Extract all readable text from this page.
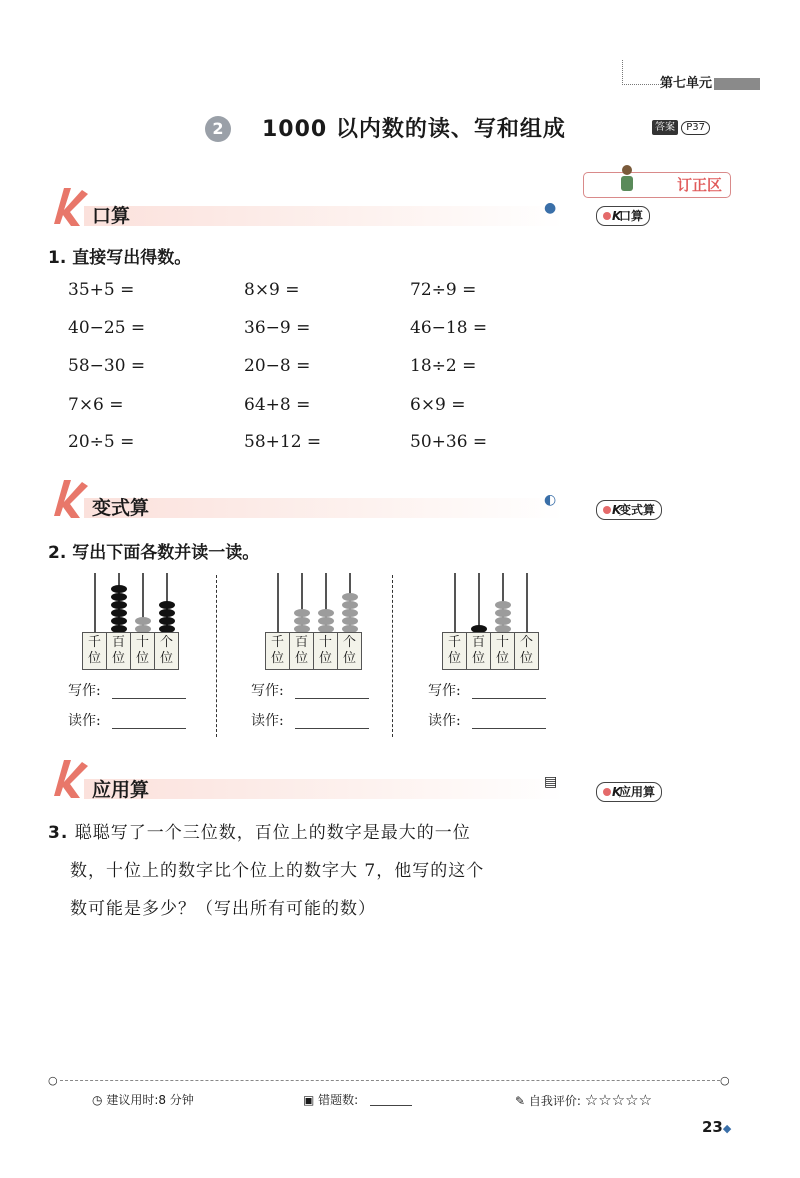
第七单元
2	1000 以内数的读、写和组成	答案 P37
订正区
口算	●	K
口算
1. 直接写出得数。
35+5 =	8×9 =	72÷9 =
40−25 =	36−9 =	46−18 =
58−30 =	20−8 =	18÷2 =
7×6 =	64+8 =	6×9 =
20÷5 =	58+12 =	50+36 =
变式算	◐
K
变式算
2. 写出下面各数并读一读。
千
位
百
位
十
位
个
位
写作:
读作:
千
位
百
位
十
位
个
位
写作:
读作:
千
位
百
位
十
位
个
位
写作:
读作:
应用算	▤
K
应用算
3. 聪聪写了一个三位数，百位上的数字是最大的一位
数，十位上的数字比个位上的数字大 7，他写的这个
数可能是多少？（写出所有可能的数）
○	○
◷ 建议用时:8 分钟	▣ 错题数:	✎ 自我评价: ☆☆☆☆☆
23◆
